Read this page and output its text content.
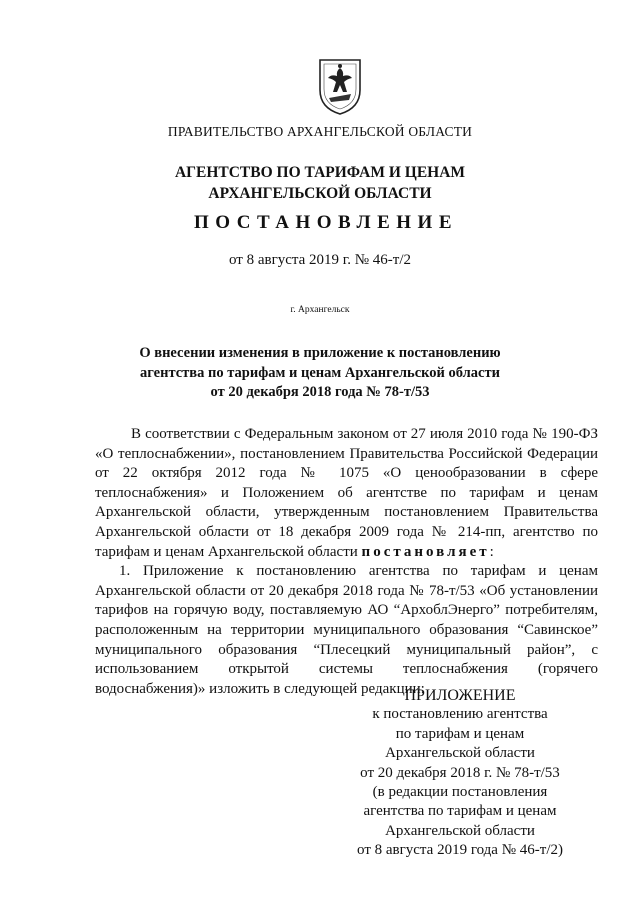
ПРАВИТЕЛЬСТВО АРХАНГЕЛЬСКОЙ ОБЛАСТИ
АГЕНТСТВО ПО ТАРИФАМ И ЦЕНАМ
АРХАНГЕЛЬСКОЙ ОБЛАСТИ
ПОСТАНОВЛЕНИЕ
от 8 августа 2019 г. № 46-т/2
г. Архангельск
О внесении изменения в приложение к постановлению
агентства по тарифам и ценам Архангельской области
от 20 декабря 2018 года № 78-т/53

В соответствии с Федеральным законом от 27 июля 2010 года № 190-ФЗ «О теплоснабжении», постановлением Правительства Российской Федерации от 22 октября 2012 года № 1075 «О ценообразовании в сфере теплоснабжения» и Положением об агентстве по тарифам и ценам Архангельской области, утвержденным постановлением Правительства Архангельской области от 18 декабря 2009 года № 214-пп, агентство по тарифам и ценам Архангельской области постановляет:

1. Приложение к постановлению агентства по тарифам и ценам Архангельской области от 20 декабря 2018 года № 78-т/53 «Об установлении тарифов на горячую воду, поставляемую АО “АрхоблЭнерго” потребителям, расположенным на территории муниципального образования “Савинское” муниципального образования “Плесецкий муниципальный район”, с использованием открытой системы теплоснабжения (горячего водоснабжения)» изложить в следующей редакции:

ПРИЛОЖЕНИЕ
к постановлению агентства
по тарифам и ценам
Архангельской области
от 20 декабря 2018 г. № 78-т/53
(в редакции постановления
агентства по тарифам и ценам
Архангельской области
от 8 августа 2019 года № 46-т/2)
